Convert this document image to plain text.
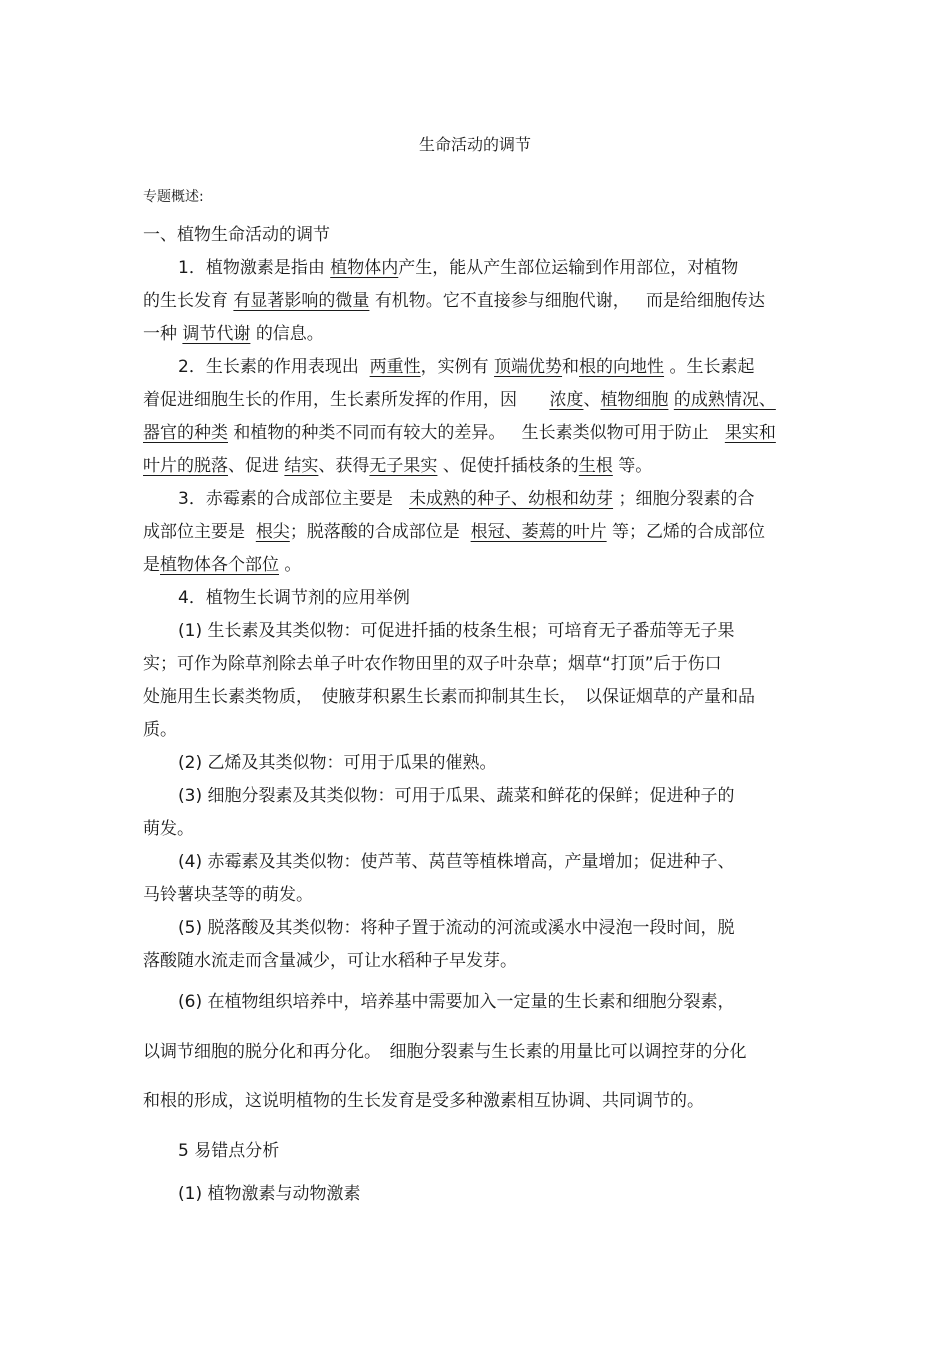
生命活动的调节
专题概述:
一、植物生命活动的调节
1．植物激素是指由 植物体内产生，能从产生部位运输到作用部位，对植物
的生长发育 有显著影响的微量 有机物。它不直接参与细胞代谢， 而是给细胞传达
一种 调节代谢 的信息。
2．生长素的作用表现出 两重性，实例有 顶端优势和根的向地性 。生长素起
着促进细胞生长的作用，生长素所发挥的作用，因 浓度、植物细胞 的成熟情况、
器官的种类 和植物的种类不同而有较大的差异。 生长素类似物可用于防止 果实和
叶片的脱落、促进 结实、获得无子果实 、促使扦插枝条的生根 等。
3．赤霉素的合成部位主要是 未成熟的种子、幼根和幼芽 ；细胞分裂素的合
成部位主要是 根尖；脱落酸的合成部位是 根冠、萎蔫的叶片 等；乙烯的合成部位
是植物体各个部位 。
4．植物生长调节剂的应用举例
(1) 生长素及其类似物：可促进扦插的枝条生根；可培育无子番茄等无子果
实；可作为除草剂除去单子叶农作物田里的双子叶杂草；烟草“打顶”后于伤口
处施用生长素类物质，　使腋芽积累生长素而抑制其生长，　以保证烟草的产量和品
质。
(2) 乙烯及其类似物：可用于瓜果的催熟。
(3) 细胞分裂素及其类似物：可用于瓜果、蔬菜和鲜花的保鲜；促进种子的
萌发。
(4) 赤霉素及其类似物：使芦苇、莴苣等植株增高，产量增加；促进种子、
马铃薯块茎等的萌发。
(5) 脱落酸及其类似物：将种子置于流动的河流或溪水中浸泡一段时间，脱
落酸随水流走而含量减少，可让水稻种子早发芽。
(6) 在植物组织培养中，培养基中需要加入一定量的生长素和细胞分裂素，
以调节细胞的脱分化和再分化。　细胞分裂素与生长素的用量比可以调控芽的分化
和根的形成，这说明植物的生长发育是受多种激素相互协调、共同调节的。
5 易错点分析
(1) 植物激素与动物激素
